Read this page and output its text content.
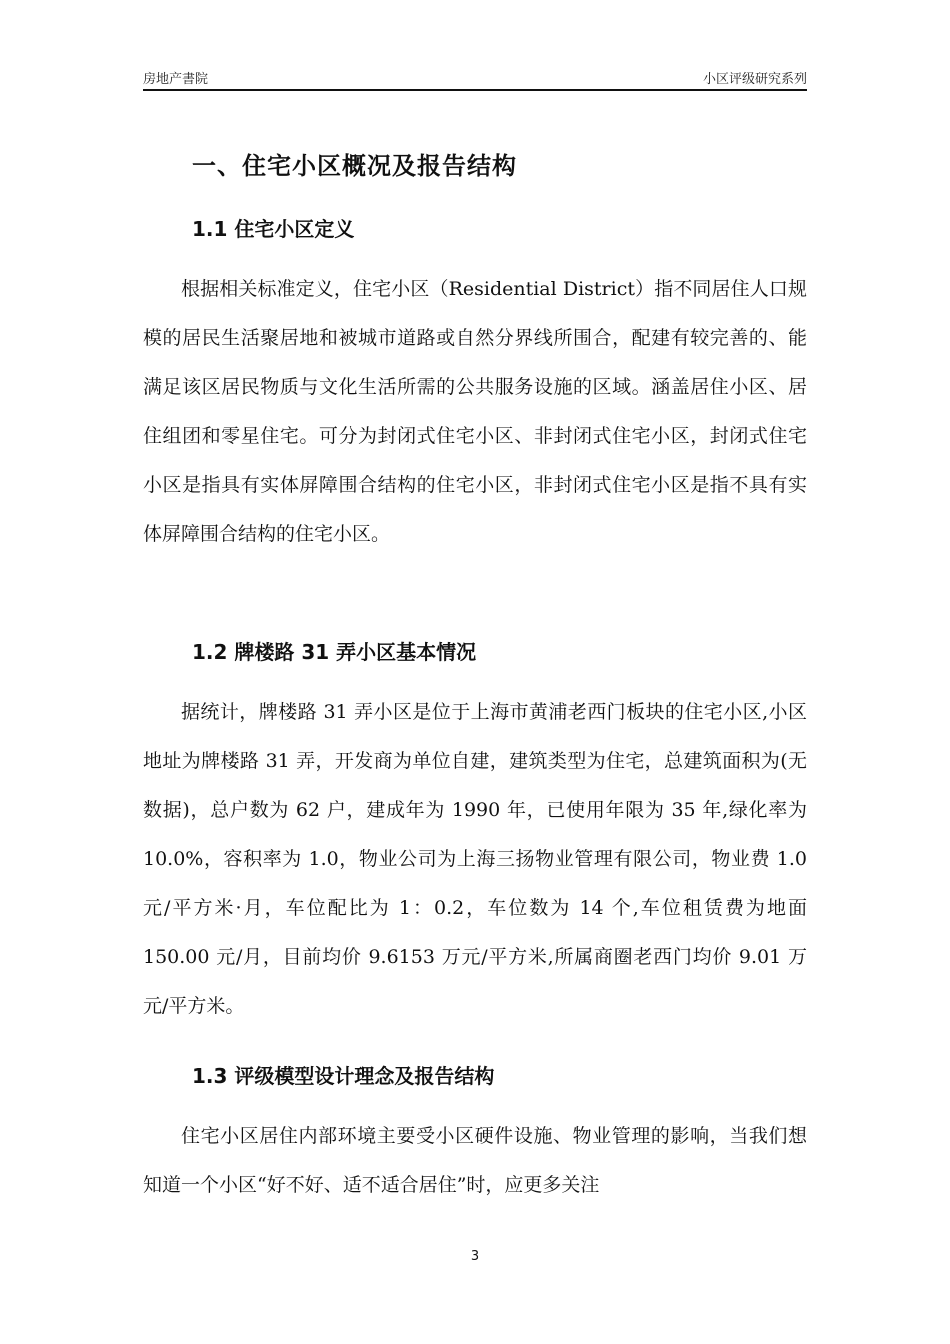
房地产書院	小区评级研究系列
一、住宅小区概况及报告结构
1.1 住宅小区定义

根据相关标准定义，住宅小区（Residential District）指不同居住人口规模的居民生活聚居地和被城市道路或自然分界线所围合，配建有较完善的、能满足该区居民物质与文化生活所需的公共服务设施的区域。涵盖居住小区、居住组团和零星住宅。可分为封闭式住宅小区、非封闭式住宅小区，封闭式住宅小区是指具有实体屏障围合结构的住宅小区，非封闭式住宅小区是指不具有实体屏障围合结构的住宅小区。

1.2 牌楼路 31 弄小区基本情况

据统计，牌楼路 31 弄小区是位于上海市黄浦老西门板块的住宅小区,小区地址为牌楼路 31 弄，开发商为单位自建，建筑类型为住宅，总建筑面积为(无数据)，总户数为 62 户，建成年为 1990 年，已使用年限为 35 年,绿化率为 10.0%，容积率为 1.0，物业公司为上海三扬物业管理有限公司，物业费 1.0 元/平方米·月，车位配比为 1：0.2，车位数为 14 个,车位租赁费为地面 150.00 元/月，目前均价 9.6153 万元/平方米,所属商圈老西门均价 9.01 万元/平方米。

1.3 评级模型设计理念及报告结构

住宅小区居住内部环境主要受小区硬件设施、物业管理的影响，当我们想知道一个小区“好不好、适不适合居住”时，应更多关注

3
